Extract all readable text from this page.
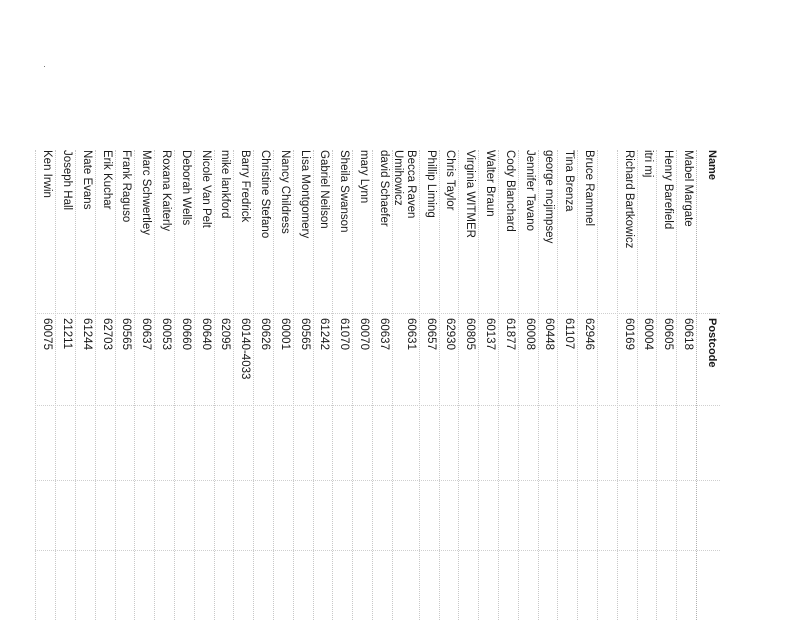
Name
Postcode
Mabel Margate
60618
Henry Barefield
60605
itri mj
60004
Richard Bartkowicz
60169
Bruce Rammel
62946
Tina Brenza
61107
george mcjimpsey
60448
Jennifer Tavano
60008
Cody Blanchard
61877
Walter Braun
60137
Virginia WITMER
60805
Chris Taylor
62930
Phillip Liming
60657
Becca Raven
Umihowicz
60631
david Schaefer
60637
mary Lynn
60070
Sheila Swanson
61070
Gabriel Neilson
61242
Lisa Montgomery
60565
Nancy Childress
60001
Christine Stefano
60626
Barry Fredrick
60140-4033
mike lankford
62095
Nicole Van Pelt
60640
Deborah Wells
60660
Roxana Kaiterly
60053
Marc Schwertley
60637
Frank Raguso
60565
Erik Kuchar
62703
Nate Evans
61244
Joseph Hall
21211
Ken Irwin
60075
